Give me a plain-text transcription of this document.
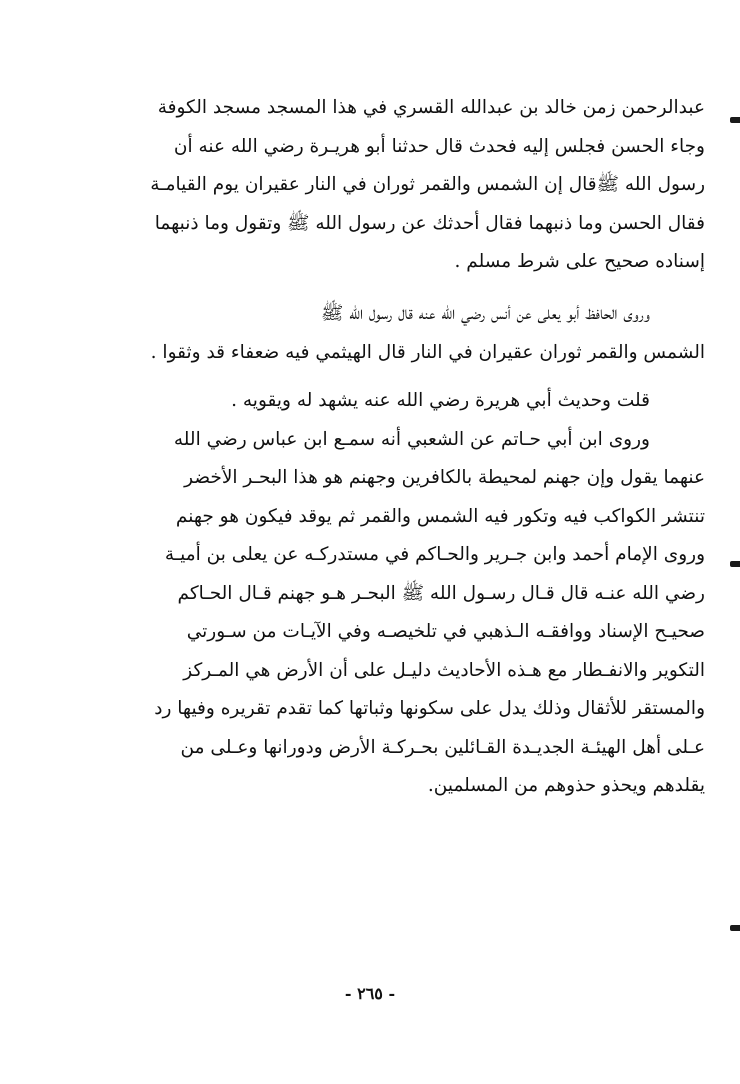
عبدالرحمن زمن خالد بن عبدالله القسري في هذا المسجد مسجد الكوفة
وجاء الحسن فجلس إليه فحدث قال حدثنا أبو هريـرة رضي الله عنه أن
رسول الله ﷺقال إن الشمس والقمر ثوران في النار عقيران يوم القيامـة
فقال الحسن وما ذنبهما فقال أحدثك عن رسول الله ﷺ وتقول وما ذنبهما
إسناده صحيح على شرط مسلم .
وروى الحافظ أبو يعلى عن أنس رضي الله عنه قال رسول الله ﷺ
الشمس والقمر ثوران عقيران في النار قال الهيثمي فيه ضعفاء قد وثقوا .
قلت وحديث أبي هريرة رضي الله عنه يشهد له ويقويه .
وروى ابن أبي حـاتم عن الشعبي أنه سمـع ابن عباس رضي الله
عنهما يقول وإن جهنم لمحيطة بالكافرين وجهنم هو هذا البحـر الأخضر
تنتشر الكواكب فيه وتكور فيه الشمس والقمر ثم يوقد فيكون هو جهنم
وروى الإمام أحمد وابن جـرير والحـاكم في مستدركـه عن يعلى بن أميـة
رضي الله عنـه قال قـال رسـول الله ﷺ البحـر هـو جهنم قـال الحـاكم
صحيـح الإسناد ووافقـه الـذهبي في تلخيصـه وفي الآيـات من سـورتي
التكوير والانفـطار مع هـذه الأحاديث دليـل على أن الأرض هي المـركز
والمستقر للأثقال وذلك يدل على سكونها وثباتها كما تقدم تقريره وفيها رد
عـلى أهل الهيئـة الجديـدة القـائلين بحـركـة الأرض ودورانها وعـلى من
يقلدهم ويحذو حذوهم من المسلمين.
- ٢٦٥ -
